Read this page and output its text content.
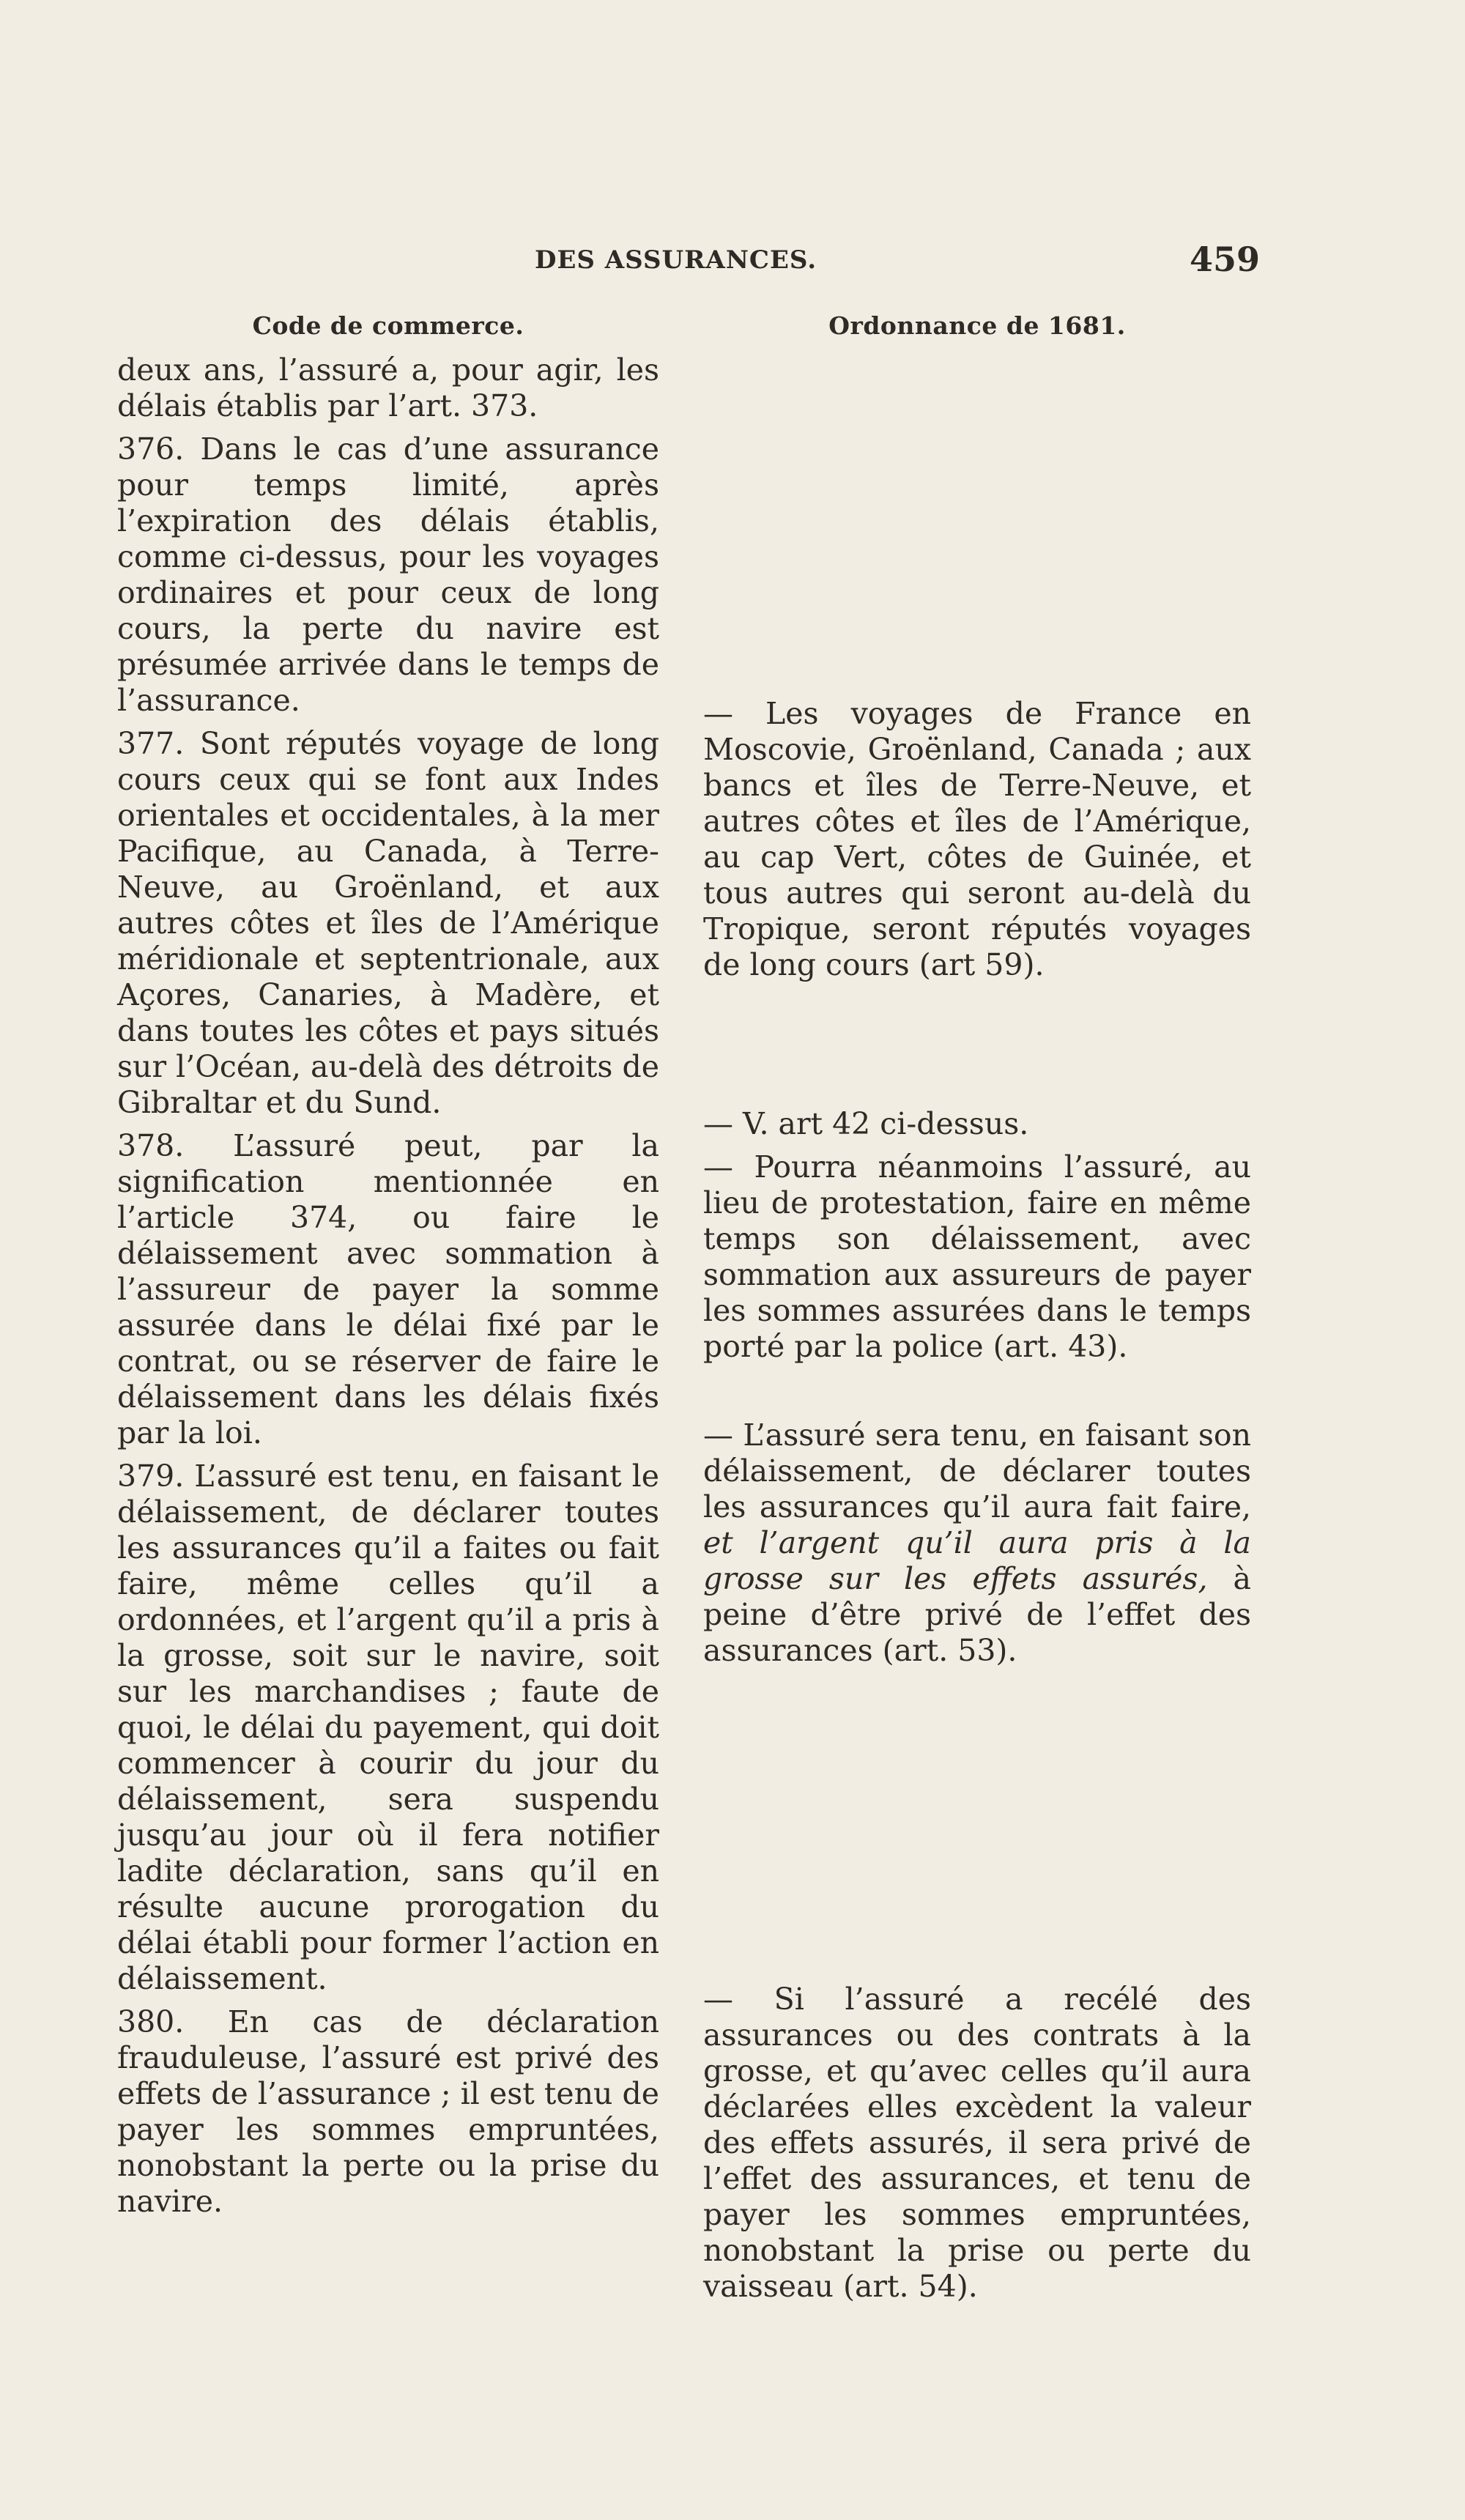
DES ASSURANCES.	459
Code de commerce.

deux ans, l’assuré a, pour agir, les délais établis par l’art. 373.

376. Dans le cas d’une assurance pour temps limité, après l’expiration des délais établis, comme ci-dessus, pour les voyages ordinaires et pour ceux de long cours, la perte du navire est présumée arrivée dans le temps de l’assurance.

377. Sont réputés voyage de long cours ceux qui se font aux Indes orientales et occidentales, à la mer Pacifique, au Canada, à Terre-Neuve, au Groënland, et aux autres côtes et îles de l’Amérique méridionale et septentrionale, aux Açores, Canaries, à Madère, et dans toutes les côtes et pays situés sur l’Océan, au-delà des détroits de Gibraltar et du Sund.

378. L’assuré peut, par la signification mentionnée en l’article 374, ou faire le délaissement avec sommation à l’assureur de payer la somme assurée dans le délai fixé par le contrat, ou se réserver de faire le délaissement dans les délais fixés par la loi.

379. L’assuré est tenu, en faisant le délaissement, de déclarer toutes les assurances qu’il a faites ou fait faire, même celles qu’il a ordonnées, et l’argent qu’il a pris à la grosse, soit sur le navire, soit sur les marchandises ; faute de quoi, le délai du payement, qui doit commencer à courir du jour du délaissement, sera suspendu jusqu’au jour où il fera notifier ladite déclaration, sans qu’il en résulte aucune prorogation du délai établi pour former l’action en délaissement.

380. En cas de déclaration frauduleuse, l’assuré est privé des effets de l’assurance ; il est tenu de payer les sommes empruntées, nonobstant la perte ou la prise du navire.

Ordonnance de 1681.

— Les voyages de France en Moscovie, Groënland, Canada ; aux bancs et îles de Terre-Neuve, et autres côtes et îles de l’Amérique, au cap Vert, côtes de Guinée, et tous autres qui seront au-delà du Tropique, seront réputés voyages de long cours (art 59).

— V. art 42 ci-dessus.

— Pourra néanmoins l’assuré, au lieu de protestation, faire en même temps son délaissement, avec sommation aux assureurs de payer les sommes assurées dans le temps porté par la police (art. 43).

— L’assuré sera tenu, en faisant son délaissement, de déclarer toutes les assurances qu’il aura fait faire, et l’argent qu’il aura pris à la grosse sur les effets assurés, à peine d’être privé de l’effet des assurances (art. 53).

— Si l’assuré a recélé des assurances ou des contrats à la grosse, et qu’avec celles qu’il aura déclarées elles excèdent la valeur des effets assurés, il sera privé de l’effet des assurances, et tenu de payer les sommes empruntées, nonobstant la prise ou perte du vaisseau (art. 54).
